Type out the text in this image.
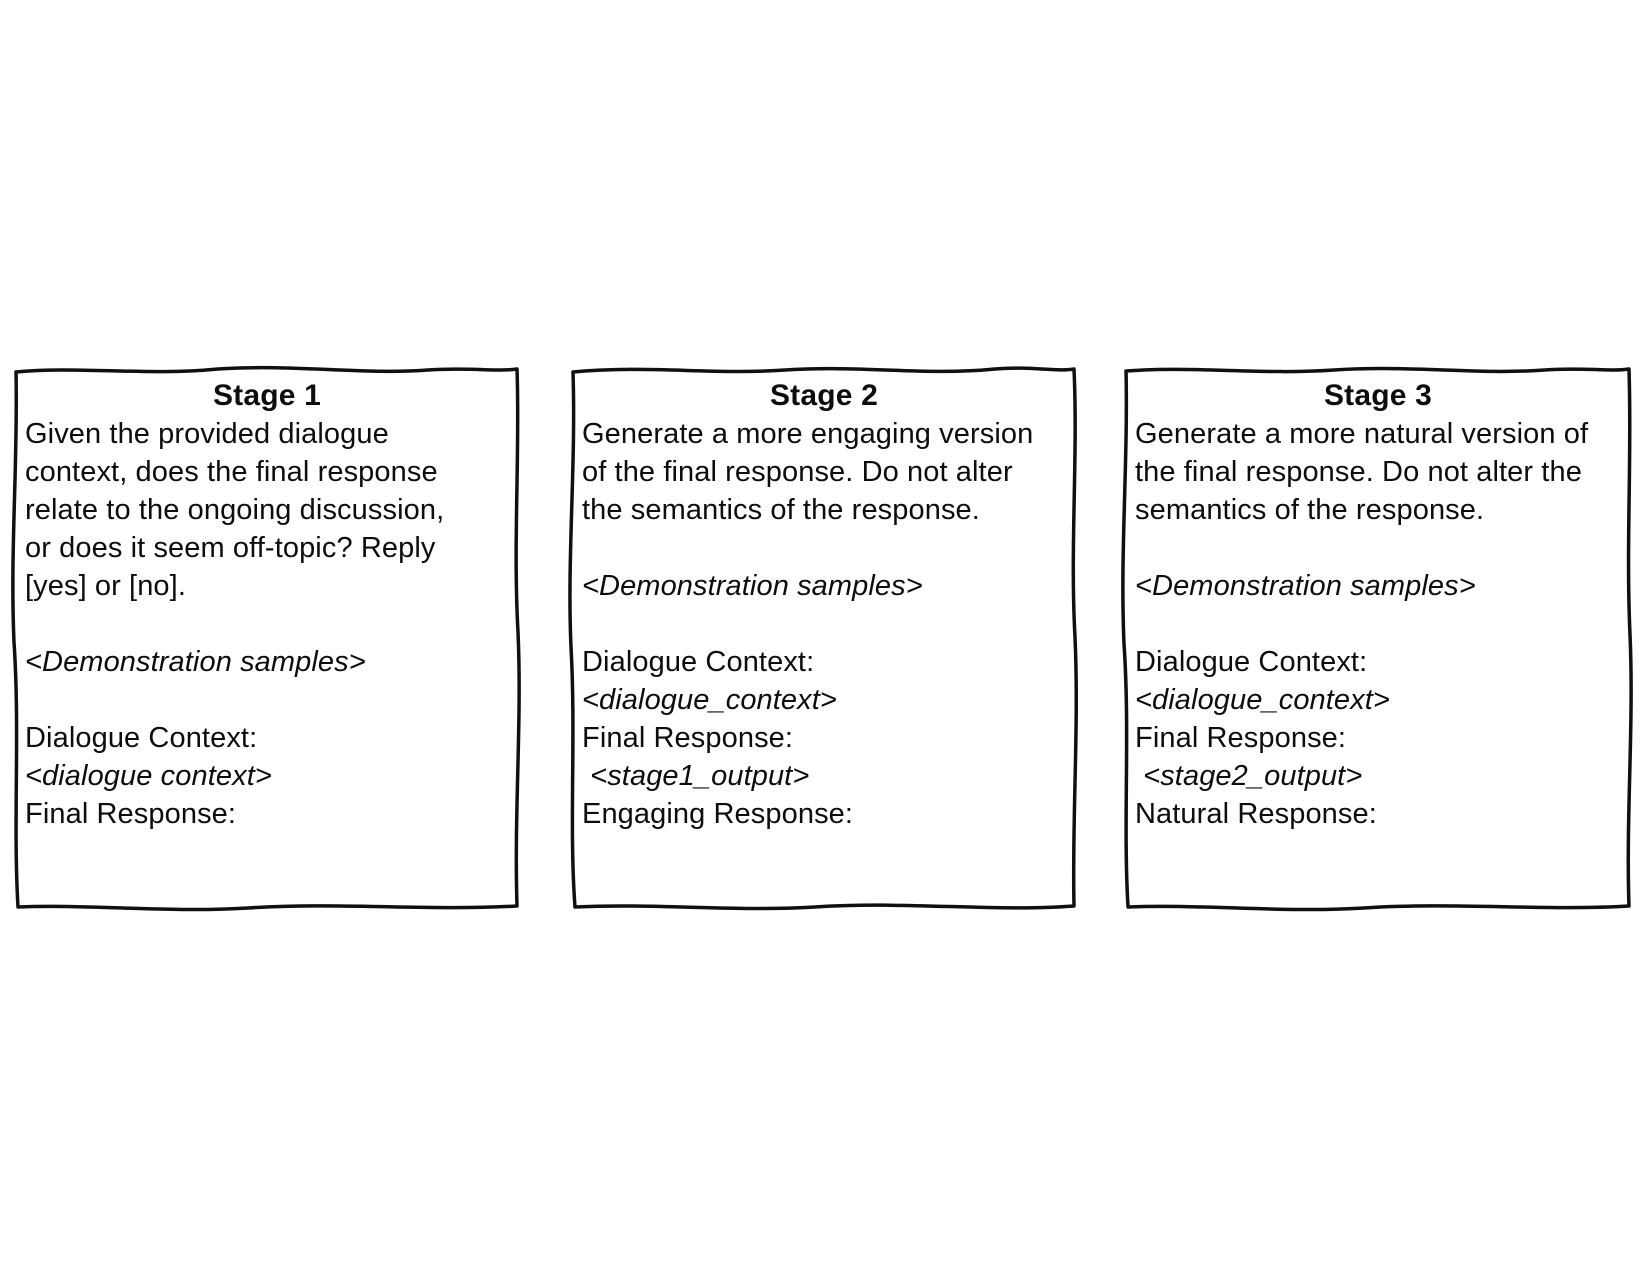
Stage 1
Given the provided dialogue
context, does the final response
relate to the ongoing discussion,
or does it seem off-topic? Reply
[yes] or [no].
<Demonstration samples>
Dialogue Context:
<dialogue context>
Final Response:
Stage 2
Generate a more engaging version
of the final response. Do not alter
the semantics of the response.
<Demonstration samples>
Dialogue Context:
<dialogue_context>
Final Response:
<stage1_output>
Engaging Response:
Stage 3
Generate a more natural version of
the final response. Do not alter the
semantics of the response.
<Demonstration samples>
Dialogue Context:
<dialogue_context>
Final Response:
<stage2_output>
Natural Response:
